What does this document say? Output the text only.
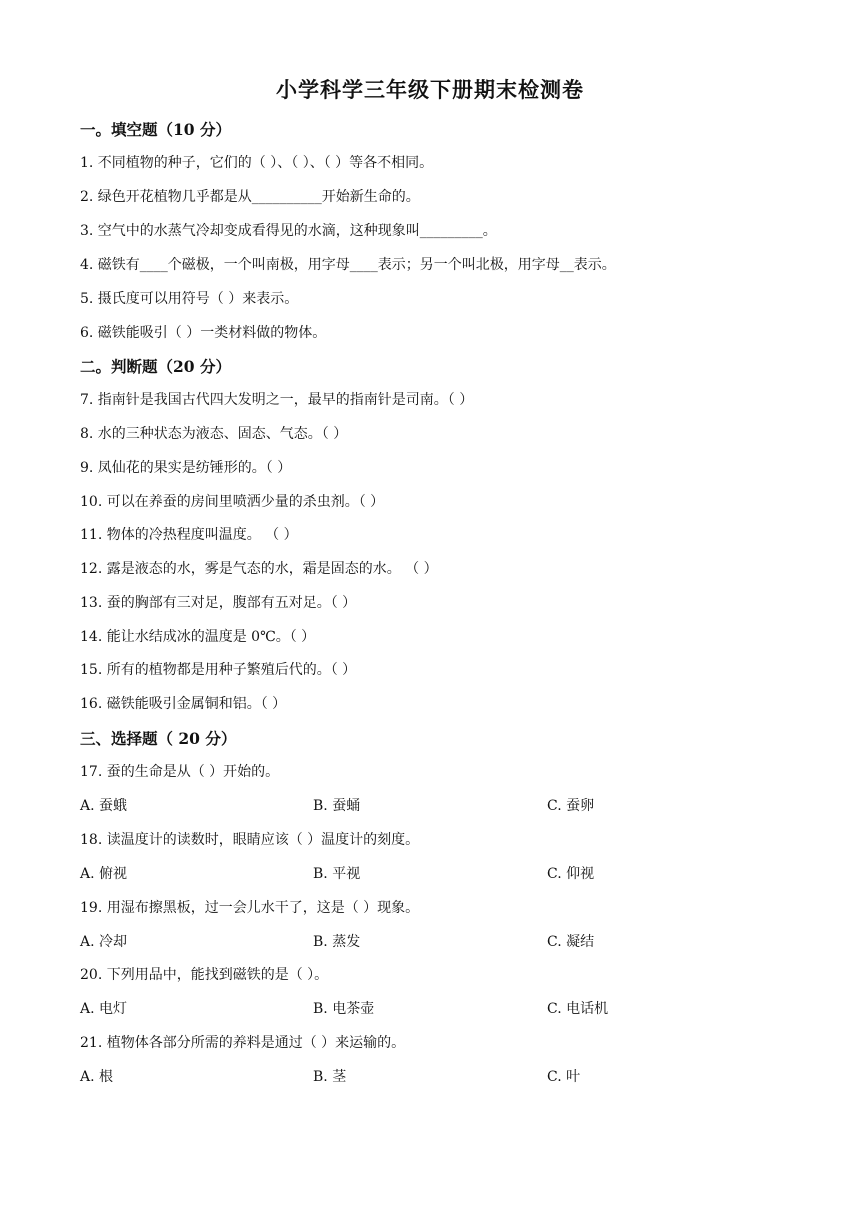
小学科学三年级下册期末检测卷
一。填空题（10 分）
1. 不同植物的种子，它们的（ ）、（ ）、（ ）等各不相同。
2. 绿色开花植物几乎都是从__________开始新生命的。
3. 空气中的水蒸气冷却变成看得见的水滴，这种现象叫_________。
4. 磁铁有____个磁极，一个叫南极，用字母____表示；另一个叫北极，用字母__表示。
5. 摄氏度可以用符号（ ）来表示。
6. 磁铁能吸引（ ）一类材料做的物体。
二。判断题（20 分）
7. 指南针是我国古代四大发明之一，最早的指南针是司南。（ ）
8. 水的三种状态为液态、固态、气态。（ ）
9. 凤仙花的果实是纺锤形的。（ ）
10. 可以在养蚕的房间里喷洒少量的杀虫剂。（ ）
11. 物体的冷热程度叫温度。 （ ）
12. 露是液态的水，雾是气态的水，霜是固态的水。 （ ）
13. 蚕的胸部有三对足，腹部有五对足。（ ）
14. 能让水结成冰的温度是 0℃。（ ）
15. 所有的植物都是用种子繁殖后代的。（ ）
16. 磁铁能吸引金属铜和铝。（ ）
三、选择题（ 20 分）
17. 蚕的生命是从（ ）开始的。
A. 蚕蛾	B. 蚕蛹	C. 蚕卵
18. 读温度计的读数时，眼睛应该（ ）温度计的刻度。
A. 俯视	B. 平视	C. 仰视
19. 用湿布擦黑板，过一会儿水干了，这是（ ）现象。
A. 冷却	B. 蒸发	C. 凝结
20. 下列用品中，能找到磁铁的是（ ）。
A. 电灯	B. 电茶壶	C. 电话机
21. 植物体各部分所需的养料是通过（ ）来运输的。
A. 根	B. 茎	C. 叶
